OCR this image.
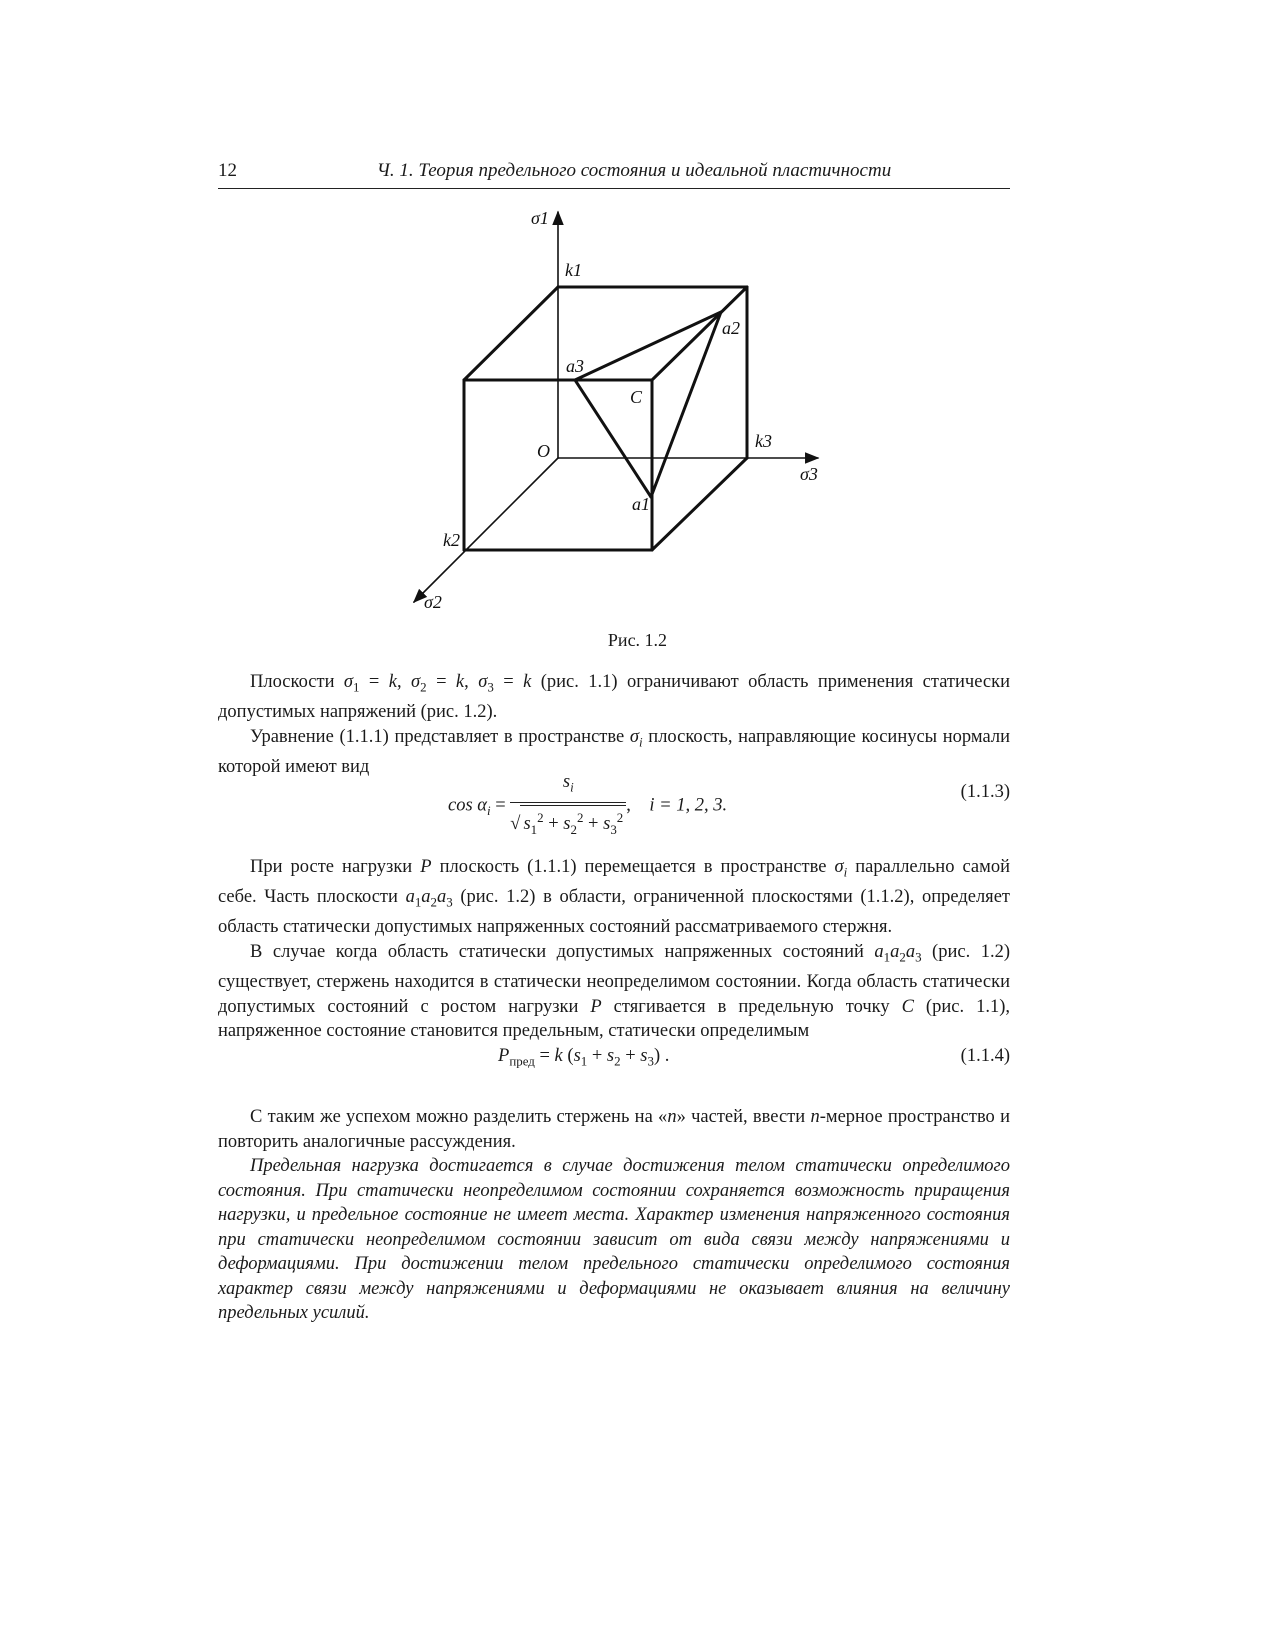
12	Ч. 1. Теория предельного состояния и идеальной пластичности
σ1
k1
a2
a3
C
O	k3
σ3
a1
k2
σ2
Рис. 1.2

Плоскости $\sigma_1 = k$, $\sigma_2 = k$, $\sigma_3 = k$ (рис. 1.1) ограничивают область применения статически допустимых напряжений (рис. 1.2).

Уравнение (1.1.1) представляет в пространстве $\sigma_i$ плоскость, направляющие косинусы нормали которой имеют вид

$\cos \alpha_i = \frac{s_i}{√ s_1^2 + s_2^2 + s_3^2}$ ,    i = 1, 2, 3.
(1.1.3)

При росте нагрузки P плоскость (1.1.1) перемещается в пространстве $\sigma_i$ параллельно самой себе. Часть плоскости $a_1a_2a_3$ (рис. 1.2) в области, ограниченной плоскостями (1.1.2), определяет область статически допустимых напряженных состояний рассматриваемого стержня.

В случае когда область статически допустимых напряженных состояний $a_1a_2a_3$ (рис. 1.2) существует, стержень находится в статически неопределимом состоянии. Когда область статически допустимых состояний с ростом нагрузки P стягивается в предельную точку C (рис. 1.1), напряженное состояние становится предельным, статически определимым

$P_{пред} = k$ $(s_1 + s_2 + s_3)$ .	(1.1.4)

С таким же успехом можно разделить стержень на «n» частей, ввести n-мерное пространство и повторить аналогичные рассуждения.

Предельная нагрузка достигается в случае достижения телом статически определимого состояния. При статически неопределимом состоянии сохраняется возможность приращения нагрузки, и предельное состояние не имеет места. Характер изменения напряженного состояния при статически неопределимом состоянии зависит от вида связи между напряжениями и деформациями. При достижении телом предельного статически определимого состояния характер связи между напряжениями и деформациями не оказывает влияния на величину предельных усилий.
